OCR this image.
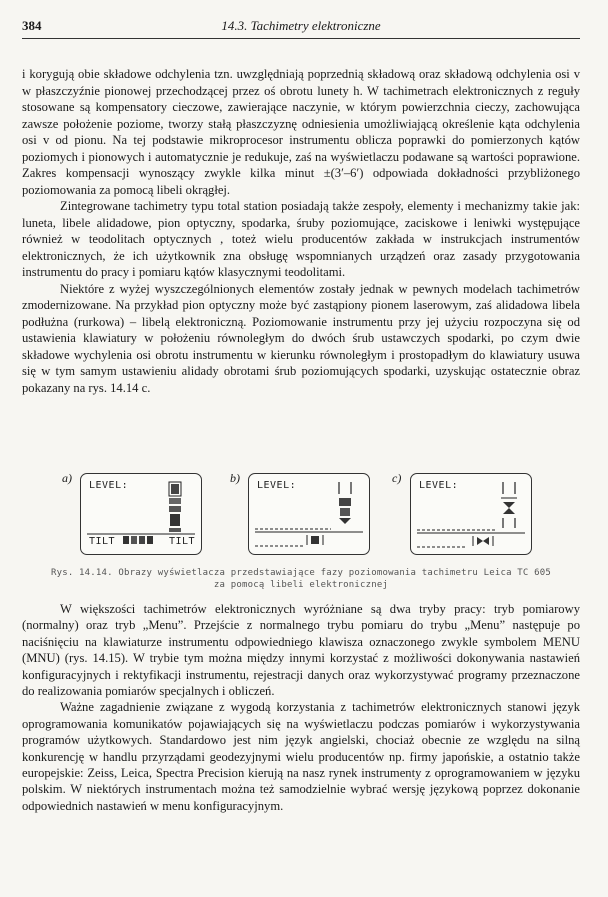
384	14.3. Tachimetry elektroniczne

i korygują obie składowe odchylenia tzn. uwzględniają poprzednią składową oraz składową odchylenia osi v w płaszczyźnie pionowej przechodzącej przez oś obrotu lunety h. W tachimetrach elektronicznych z reguły stosowane są kompensatory cieczowe, zawierające naczynie, w którym powierzchnia cieczy, zachowująca zawsze położenie poziome, tworzy stałą płaszczyznę odniesienia umożliwiającą określenie kąta odchylenia osi v od pionu. Na tej podstawie mikroprocesor instrumentu oblicza poprawki do pomierzonych kątów poziomych i pionowych i automatycznie je redukuje, zaś na wyświetlaczu podawane są wartości poprawione. Zakres kompensacji wynoszący zwykle kilka minut ±(3′–6′) odpowiada dokładności przybliżonego poziomowania za pomocą libeli okrągłej.

Zintegrowane tachimetry typu total station posiadają także zespoły, elementy i mechanizmy takie jak: luneta, libele alidadowe, pion optyczny, spodarka, śruby poziomujące, zaciskowe i leniwki występujące również w teodolitach optycznych , toteż wielu producentów zakłada w instrukcjach instrumentów elektronicznych, że ich użytkownik zna obsługę wspomnianych urządzeń oraz zasady przygotowania instrumentu do pracy i pomiaru kątów klasycznymi teodolitami.

Niektóre z wyżej wyszczególnionych elementów zostały jednak w pewnych modelach tachimetrów zmodernizowane. Na przykład pion optyczny może być zastąpiony pionem laserowym, zaś alidadowa libela podłużna (rurkowa) – libelą elektroniczną. Poziomowanie instrumentu przy jej użyciu rozpoczyna się od ustawienia klawiatury w położeniu równoległym do dwóch śrub ustawczych spodarki, po czym dwie składowe wychylenia osi obrotu instrumentu w kierunku równoległym i prostopadłym do klawiatury usuwa się w tym samym ustawieniu alidady obrotami śrub poziomujących spodarki, uzyskując ostatecznie obraz pokazany na rys. 14.14 c.

a)
LEVEL:
TILT	TILT
b)
LEVEL:
c)
LEVEL:
Rys. 14.14. Obrazy wyświetlacza przedstawiające fazy poziomowania tachimetru Leica TC 605
za pomocą libeli elektronicznej

W większości tachimetrów elektronicznych wyróżniane są dwa tryby pracy: tryb pomiarowy (normalny) oraz tryb „Menu”. Przejście z normalnego trybu pomiaru do trybu „Menu” następuje po naciśnięciu na klawiaturze instrumentu odpowiedniego klawisza oznaczonego zwykle symbolem MENU (MNU) (rys. 14.15). W trybie tym można między innymi korzystać z możliwości dokonywania nastawień konfiguracyjnych i rektyfikacji instrumentu, rejestracji danych oraz wykorzystywać programy przeznaczone do realizowania pomiarów specjalnych i obliczeń.

Ważne zagadnienie związane z wygodą korzystania z tachimetrów elektronicznych stanowi język oprogramowania komunikatów pojawiających się na wyświetlaczu podczas pomiarów i wykorzystywania programów użytkowych. Standardowo jest nim język angielski, chociaż obecnie ze względu na silną konkurencję w handlu przyrządami geodezyjnymi wielu producentów np. firmy japońskie, a ostatnio także europejskie: Zeiss, Leica, Spectra Precision kierują na nasz rynek instrumenty z oprogramowaniem w języku polskim. W niektórych instrumentach można też samodzielnie wybrać wersję językową poprzez dokonanie odpowiednich nastawień w menu konfiguracyjnym.
